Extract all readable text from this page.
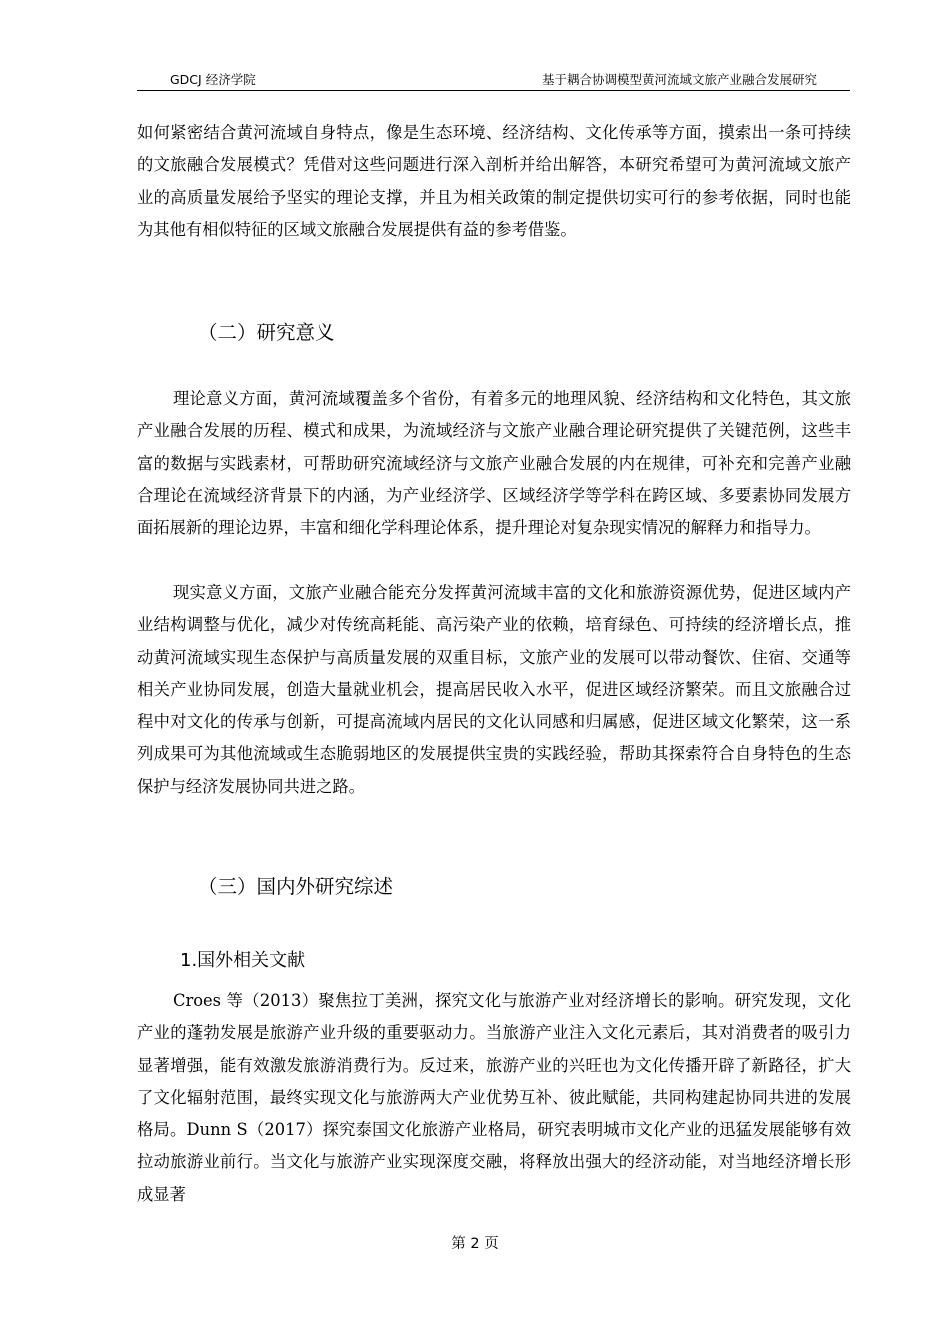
GDCJ 经济学院	基于耦合协调模型黄河流域文旅产业融合发展研究

如何紧密结合黄河流域自身特点，像是生态环境、经济结构、文化传承等方面，摸索出一条可持续的文旅融合发展模式？凭借对这些问题进行深入剖析并给出解答，本研究希望可为黄河流域文旅产业的高质量发展给予坚实的理论支撑，并且为相关政策的制定提供切实可行的参考依据，同时也能为其他有相似特征的区域文旅融合发展提供有益的参考借鉴。

（二）研究意义

理论意义方面，黄河流域覆盖多个省份，有着多元的地理风貌、经济结构和文化特色，其文旅产业融合发展的历程、模式和成果，为流域经济与文旅产业融合理论研究提供了关键范例，这些丰富的数据与实践素材，可帮助研究流域经济与文旅产业融合发展的内在规律，可补充和完善产业融合理论在流域经济背景下的内涵，为产业经济学、区域经济学等学科在跨区域、多要素协同发展方面拓展新的理论边界，丰富和细化学科理论体系，提升理论对复杂现实情况的解释力和指导力。

现实意义方面，文旅产业融合能充分发挥黄河流域丰富的文化和旅游资源优势，促进区域内产业结构调整与优化，减少对传统高耗能、高污染产业的依赖，培育绿色、可持续的经济增长点，推动黄河流域实现生态保护与高质量发展的双重目标，文旅产业的发展可以带动餐饮、住宿、交通等相关产业协同发展，创造大量就业机会，提高居民收入水平，促进区域经济繁荣。而且文旅融合过程中对文化的传承与创新，可提高流域内居民的文化认同感和归属感，促进区域文化繁荣，这一系列成果可为其他流域或生态脆弱地区的发展提供宝贵的实践经验，帮助其探索符合自身特色的生态保护与经济发展协同共进之路。

（三）国内外研究综述
1.国外相关文献

Croes 等（2013）聚焦拉丁美洲，探究文化与旅游产业对经济增长的影响。研究发现，文化产业的蓬勃发展是旅游产业升级的重要驱动力。当旅游产业注入文化元素后，其对消费者的吸引力显著增强，能有效激发旅游消费行为。反过来，旅游产业的兴旺也为文化传播开辟了新路径，扩大了文化辐射范围，最终实现文化与旅游两大产业优势互补、彼此赋能，共同构建起协同共进的发展格局。Dunn S（2017）探究泰国文化旅游产业格局，研究表明城市文化产业的迅猛发展能够有效拉动旅游业前行。当文化与旅游产业实现深度交融，将释放出强大的经济动能，对当地经济增长形成显著

第 2 页
